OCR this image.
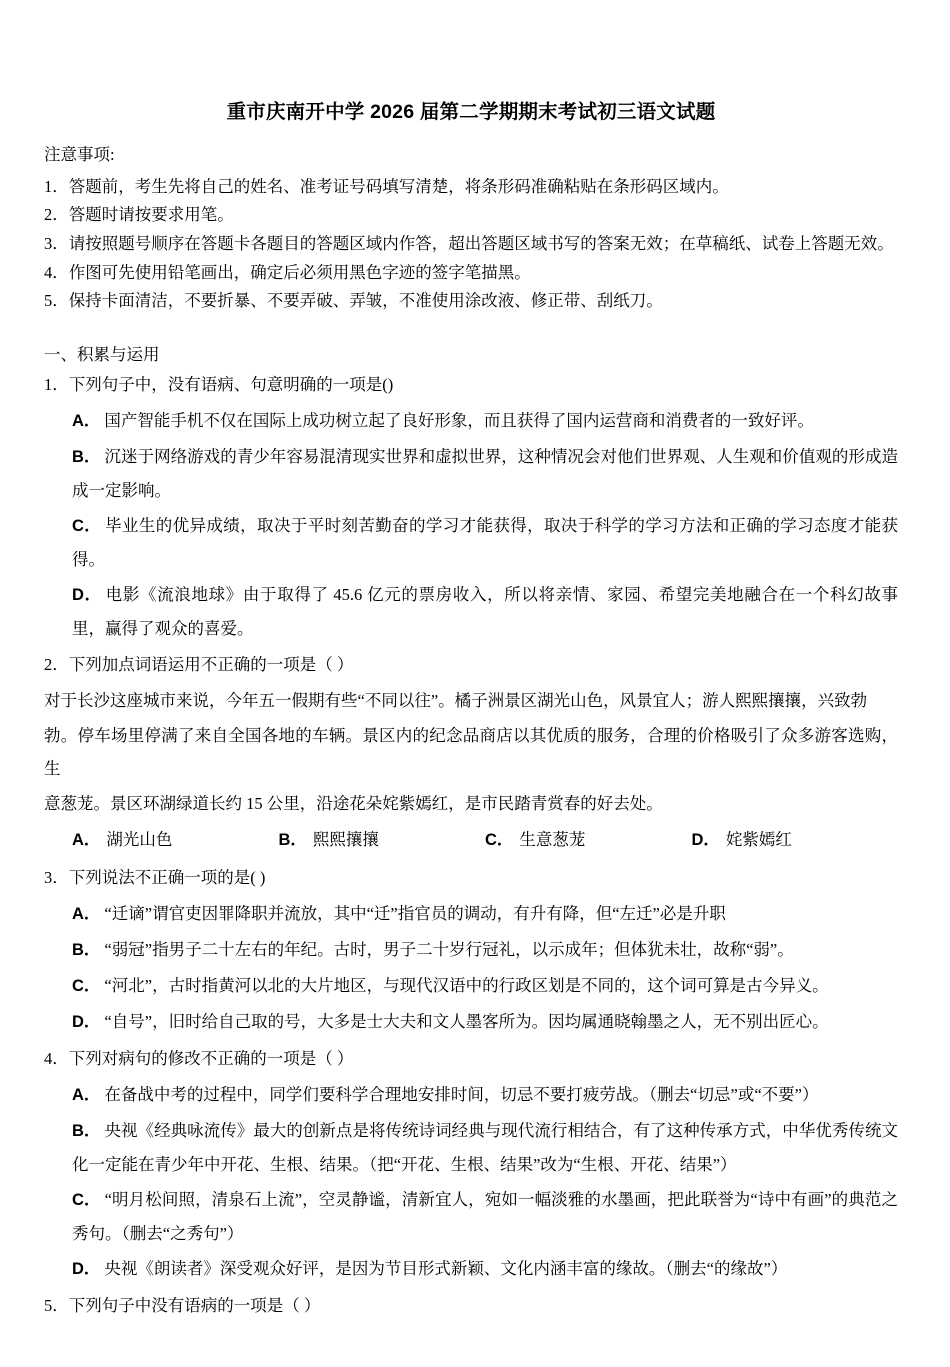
重市庆南开中学 2026 届第二学期期末考试初三语文试题
注意事项:
1．答题前，考生先将自己的姓名、准考证号码填写清楚，将条形码准确粘贴在条形码区域内。
2．答题时请按要求用笔。
3．请按照题号顺序在答题卡各题目的答题区域内作答，超出答题区域书写的答案无效；在草稿纸、试卷上答题无效。
4．作图可先使用铅笔画出，确定后必须用黑色字迹的签字笔描黑。
5．保持卡面清洁，不要折暴、不要弄破、弄皱，不准使用涂改液、修正带、刮纸刀。
一、积累与运用
1．下列句子中，没有语病、句意明确的一项是()
A． 国产智能手机不仅在国际上成功树立起了良好形象，而且获得了国内运营商和消费者的一致好评。
B． 沉迷于网络游戏的青少年容易混清现实世界和虚拟世界，这种情况会对他们世界观、人生观和价值观的形成造成一定影响。
C． 毕业生的优异成绩，取决于平时刻苦勤奋的学习才能获得，取决于科学的学习方法和正确的学习态度才能获得。
D． 电影《流浪地球》由于取得了 45.6 亿元的票房收入，所以将亲情、家园、希望完美地融合在一个科幻故事里，赢得了观众的喜爱。
2．下列加点词语运用不正确的一项是（ ）
对于长沙这座城市来说，今年五一假期有些“不同以往”。橘子洲景区湖光山色，风景宜人；游人熙熙攘攘，兴致勃
勃。停车场里停满了来自全国各地的车辆。景区内的纪念品商店以其优质的服务，合理的价格吸引了众多游客选购，生
意葱茏。景区环湖绿道长约 15 公里，沿途花朵姹紫嫣红，是市民踏青赏春的好去处。
A． 湖光山色	B． 熙熙攘攘	C． 生意葱茏	D． 姹紫嫣红
3．下列说法不正确一项的是( )
A． “迁谪”谓官吏因罪降职并流放，其中“迁”指官员的调动，有升有降，但“左迁”必是升职
B． “弱冠”指男子二十左右的年纪。古时，男子二十岁行冠礼，以示成年；但体犹未壮，故称“弱”。
C． “河北”，古时指黄河以北的大片地区，与现代汉语中的行政区划是不同的，这个词可算是古今异义。
D． “自号”，旧时给自己取的号，大多是士大夫和文人墨客所为。因均属通晓翰墨之人，无不别出匠心。
4．下列对病句的修改不正确的一项是（ ）
A． 在备战中考的过程中，同学们要科学合理地安排时间，切忌不要打疲劳战。（删去“切忌”或“不要”）
B． 央视《经典咏流传》最大的创新点是将传统诗词经典与现代流行相结合，有了这种传承方式，中华优秀传统文化一定能在青少年中开花、生根、结果。（把“开花、生根、结果”改为“生根、开花、结果”）
C． “明月松间照，清泉石上流”，空灵静谧，清新宜人，宛如一幅淡雅的水墨画，把此联誉为“诗中有画”的典范之秀句。（删去“之秀句”）
D． 央视《朗读者》深受观众好评，是因为节目形式新颖、文化内涵丰富的缘故。（删去“的缘故”）
5．下列句子中没有语病的一项是（ ）
